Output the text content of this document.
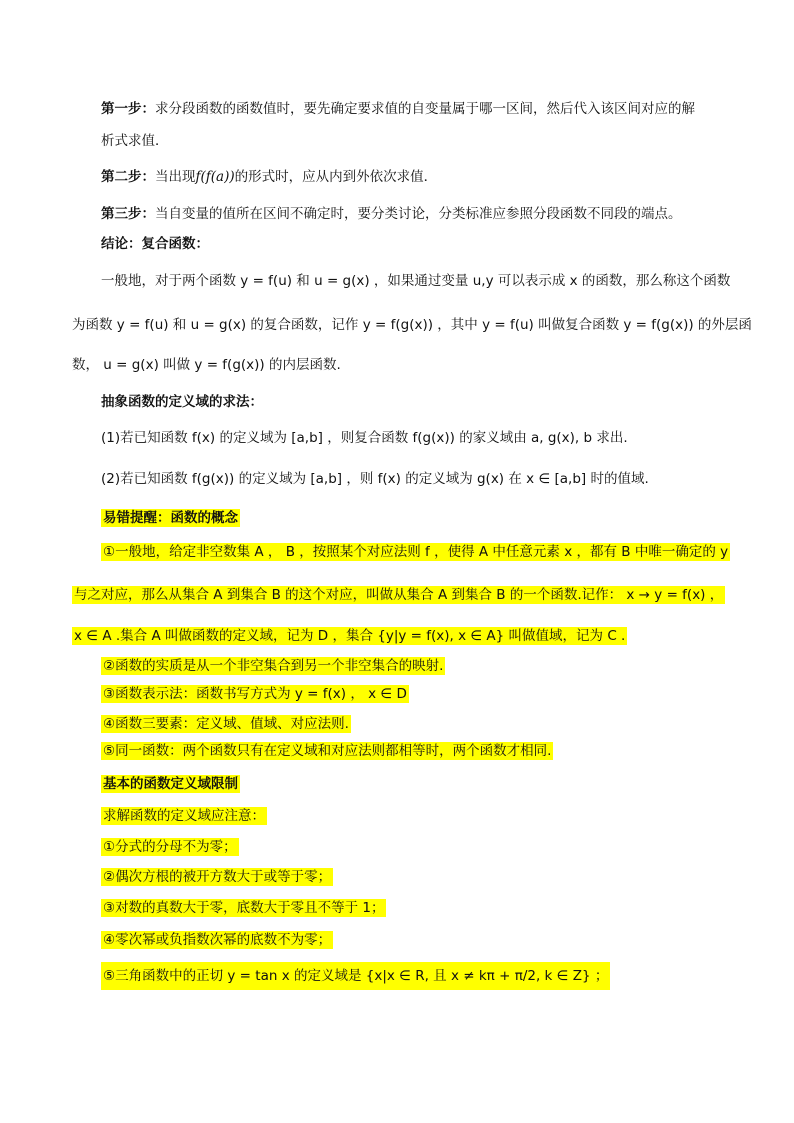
第一步：求分段函数的函数值时，要先确定要求值的自变量属于哪一区间，然后代入该区间对应的解
析式求值．
第二步：当出现f(f(a))的形式时，应从内到外依次求值．
第三步：当自变量的值所在区间不确定时，要分类讨论，分类标准应参照分段函数不同段的端点。
结论：复合函数：
一般地，对于两个函数 y = f(u) 和 u = g(x) ，如果通过变量 u,y 可以表示成 x 的函数，那么称这个函数
为函数 y = f(u) 和 u = g(x) 的复合函数，记作 y = f(g(x)) ，其中 y = f(u) 叫做复合函数 y = f(g(x)) 的外层函
数， u = g(x) 叫做 y = f(g(x)) 的内层函数.
抽象函数的定义域的求法：
(1)若已知函数 f(x) 的定义域为 [a,b] ，则复合函数 f(g(x)) 的家义域由 a, g(x), b 求出.
(2)若已知函数 f(g(x)) 的定义域为 [a,b] ，则 f(x) 的定义域为 g(x) 在 x ∈ [a,b] 时的值域.
易错提醒：函数的概念
①一般地，给定非空数集 A ， B ，按照某个对应法则 f ，使得 A 中任意元素 x ，都有 B 中唯一确定的 y
与之对应，那么从集合 A 到集合 B 的这个对应，叫做从集合 A 到集合 B 的一个函数.记作： x → y = f(x) ，
x ∈ A .集合 A 叫做函数的定义域，记为 D ，集合 {y|y = f(x), x ∈ A} 叫做值域，记为 C .
②函数的实质是从一个非空集合到另一个非空集合的映射.
③函数表示法：函数书写方式为 y = f(x) ， x ∈ D
④函数三要素：定义域、值域、对应法则.
⑤同一函数：两个函数只有在定义域和对应法则都相等时，两个函数才相同.
基本的函数定义域限制
求解函数的定义域应注意：
①分式的分母不为零；
②偶次方根的被开方数大于或等于零；
③对数的真数大于零，底数大于零且不等于 1；
④零次幂或负指数次幂的底数不为零；
⑤三角函数中的正切 y = tan x 的定义域是 {x|x ∈ R, 且 x ≠ kπ + π/2, k ∈ Z} ；
